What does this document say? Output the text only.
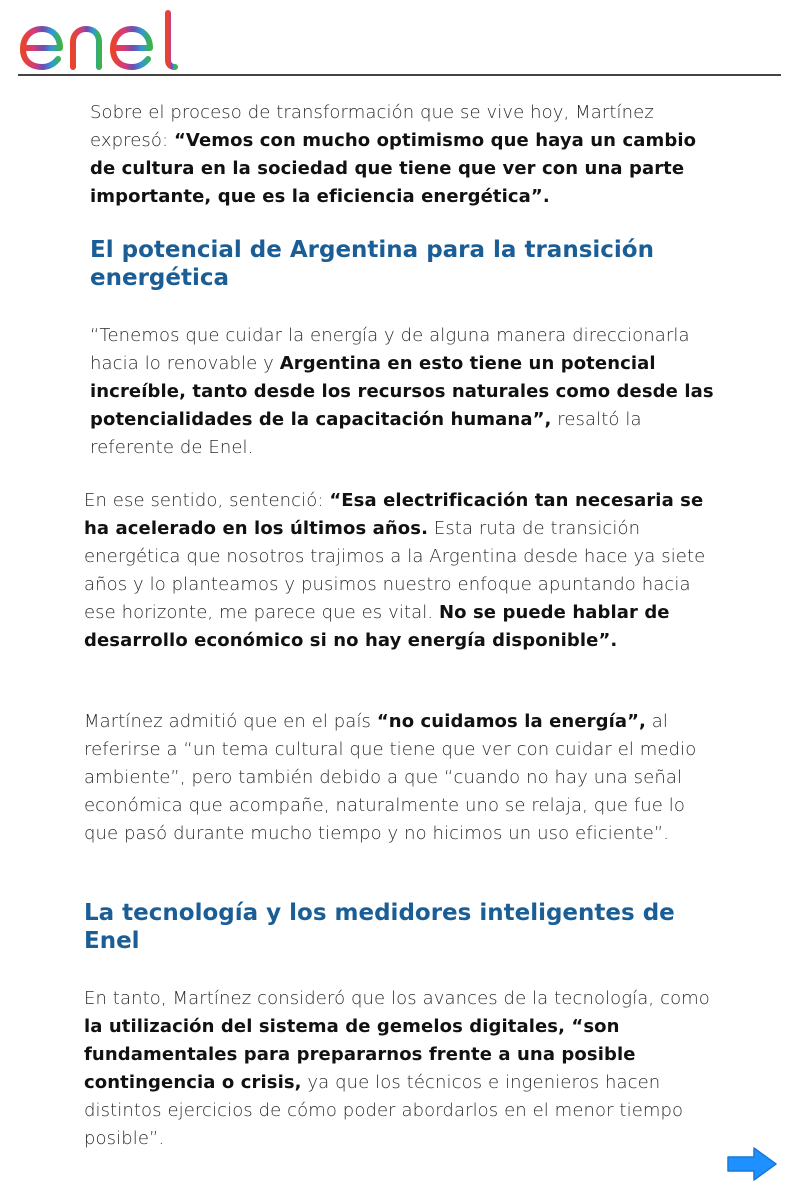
Sobre el proceso de transformación que se vive hoy, Martínez expresó: “Vemos con mucho optimismo que haya un cambio de cultura en la sociedad que tiene que ver con una parte importante, que es la eficiencia energética”.

El potencial de Argentina para la transición energética

“Tenemos que cuidar la energía y de alguna manera direccionarla hacia lo renovable y Argentina en esto tiene un potencial increíble, tanto desde los recursos naturales como desde las potencialidades de la capacitación humana”, resaltó la referente de Enel.

En ese sentido, sentenció: “Esa electrificación tan necesaria se ha acelerado en los últimos años. Esta ruta de transición energética que nosotros trajimos a la Argentina desde hace ya siete años y lo planteamos y pusimos nuestro enfoque apuntando hacia ese horizonte, me parece que es vital. No se puede hablar de desarrollo económico si no hay energía disponible”.

Martínez admitió que en el país “no cuidamos la energía”, al referirse a “un tema cultural que tiene que ver con cuidar el medio ambiente”, pero también debido a que “cuando no hay una señal económica que acompañe, naturalmente uno se relaja, que fue lo que pasó durante mucho tiempo y no hicimos un uso eficiente”.

La tecnología y los medidores inteligentes de Enel

En tanto, Martínez consideró que los avances de la tecnología, como la utilización del sistema de gemelos digitales, “son fundamentales para prepararnos frente a una posible contingencia o crisis, ya que los técnicos e ingenieros hacen distintos ejercicios de cómo poder abordarlos en el menor tiempo posible”.
